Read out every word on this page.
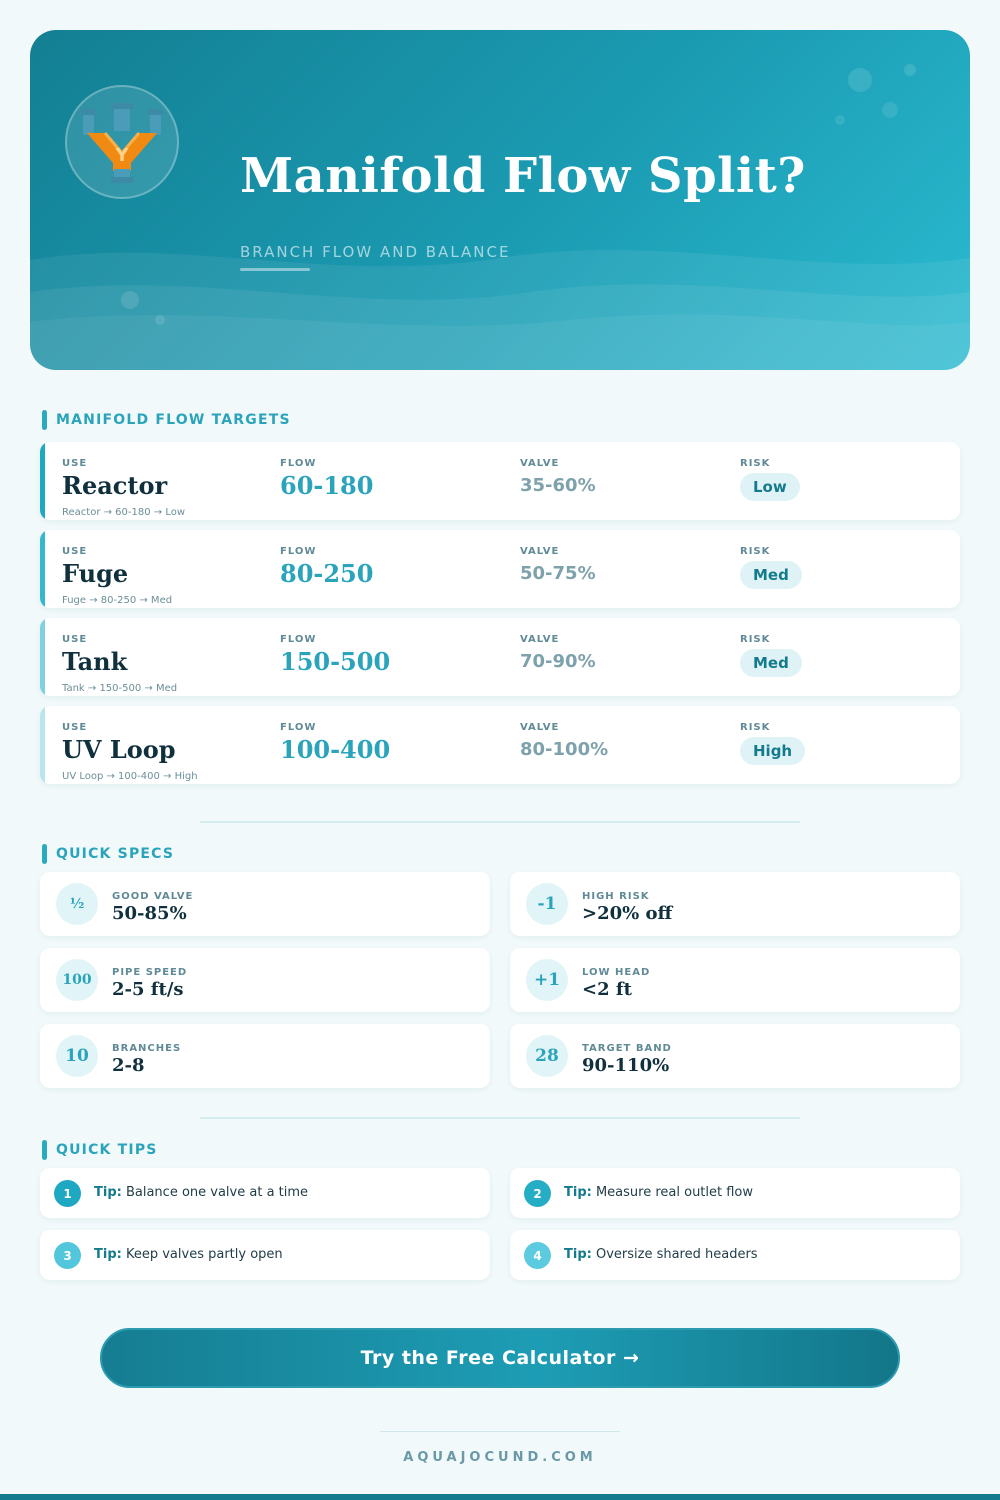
Y Manifold Flow Split?
BRANCH FLOW AND BALANCE
MANIFOLD FLOW TARGETS
USE
Reactor
FLOW
60-180
VALVE
35-60%
RISK
Low
Reactor → 60-180 → Low
USE
Fuge
FLOW
80-250
VALVE
50-75%
RISK
Med
Fuge → 80-250 → Med
USE
Tank
FLOW
150-500
VALVE
70-90%
RISK
Med
Tank → 150-500 → Med
USE
UV Loop
FLOW
100-400
VALVE
80-100%
RISK
High
UV Loop → 100-400 → High
QUICK SPECS
½	GOOD VALVE
50-85%	-1	HIGH RISK
>20% off
100	PIPE SPEED
2-5 ft/s	+1	LOW HEAD
<2 ft
10	BRANCHES
2-8	28	TARGET BAND
90-110%
QUICK TIPS
1	Tip: Balance one valve at a time	2	Tip: Measure real outlet flow
3	Tip: Keep valves partly open	4	Tip: Oversize shared headers
Try the Free Calculator →
AQUAJOCUND.COM
